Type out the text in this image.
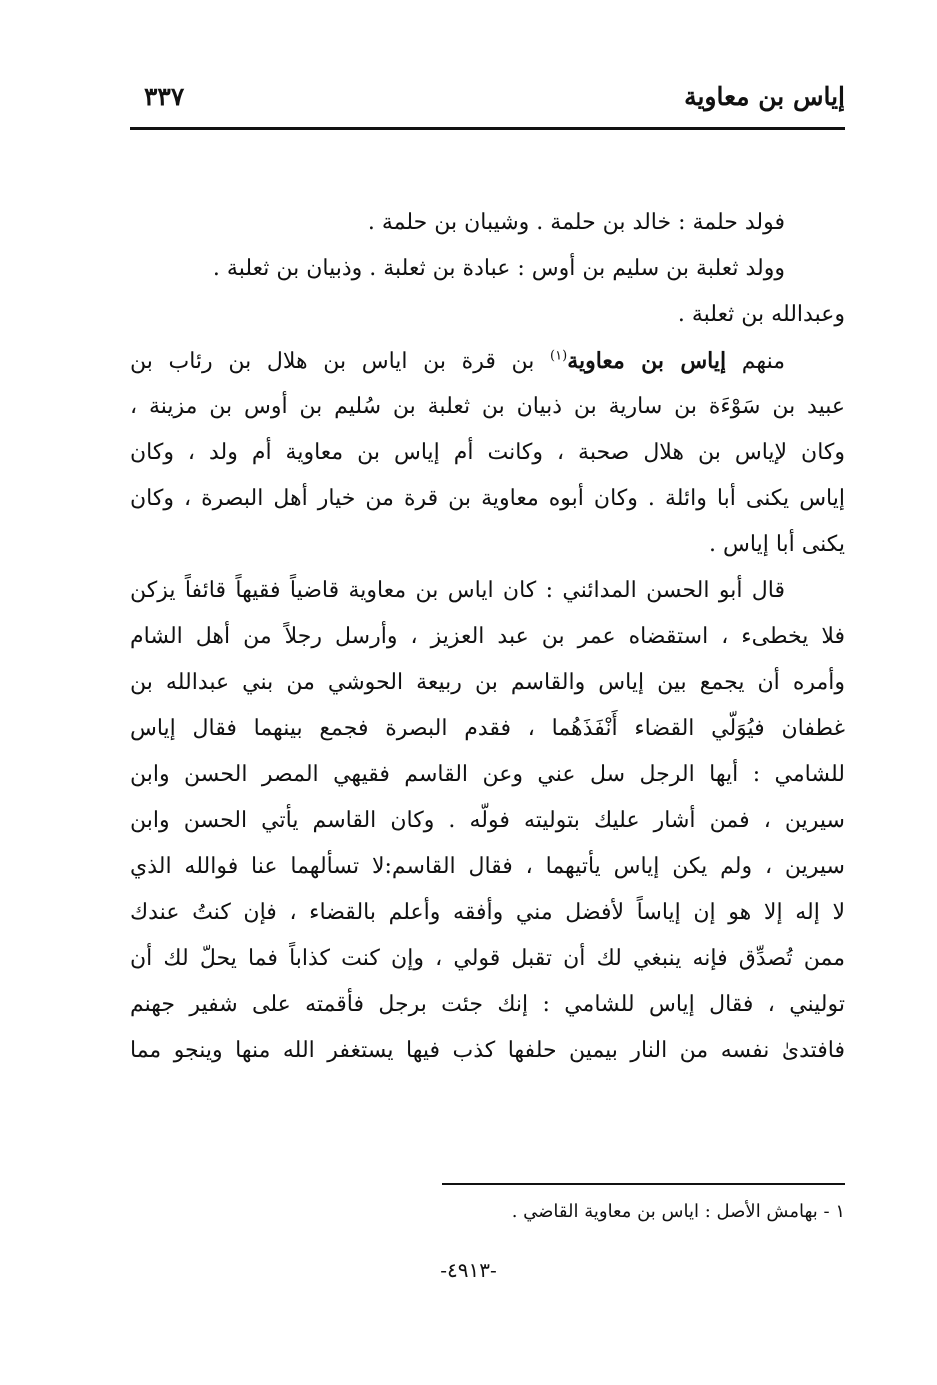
إياس بن معاوية
٣٣٧
فولد حلمة : خالد بن حلمة . وشيبان بن حلمة .
وولد ثعلبة بن سليم بن أوس : عبادة بن ثعلبة . وذبيان بن ثعلبة .
وعبدالله بن ثعلبة .
منهم إياس بن معاوية$^{(١)}$ بن قرة بن اياس بن هلال بن رئاب بن
عبيد بن سَوْءَة بن سارية بن ذبيان بن ثعلبة بن سُليم بن أوس بن مزينة ،
وكان لإياس بن هلال صحبة ، وكانت أم إياس بن معاوية أم ولد ، وكان
إياس يكنى أبا وائلة . وكان أبوه معاوية بن قرة من خيار أهل البصرة ، وكان
يكنى أبا إياس .
قال أبو الحسن المدائني : كان اياس بن معاوية قاضياً فقيهاً قائفاً يزكن
فلا يخطىء ، استقضاه عمر بن عبد العزيز ، وأرسل رجلاً من أهل الشام
وأمره أن يجمع بين إياس والقاسم بن ربيعة الحوشي من بني عبدالله بن
غطفان فيُوَلّي القضاء أَنْفَذَهُما ، فقدم البصرة فجمع بينهما فقال إياس
للشامي : أيها الرجل سل عني وعن القاسم فقيهي المصر الحسن وابن
سيرين ، فمن أشار عليك بتوليته فولّه . وكان القاسم يأتي الحسن وابن
سيرين ، ولم يكن إياس يأتيهما ، فقال القاسم:لا تسألهما عنا فوالله الذي
لا إله إلا هو إن إياساً لأفضل مني وأفقه وأعلم بالقضاء ، فإن كنتُ عندك
ممن تُصدِّق فإنه ينبغي لك أن تقبل قولي ، وإن كنت كذاباً فما يحلّ لك أن
توليني ، فقال إياس للشامي : إنك جئت برجل فأقمته على شفير جهنم
فافتدىٰ نفسه من النار بيمين حلفها كذب فيها يستغفر الله منها وينجو مما
١ - بهامش الأصل : اياس بن معاوية القاضي .
-٤٩١٣-
